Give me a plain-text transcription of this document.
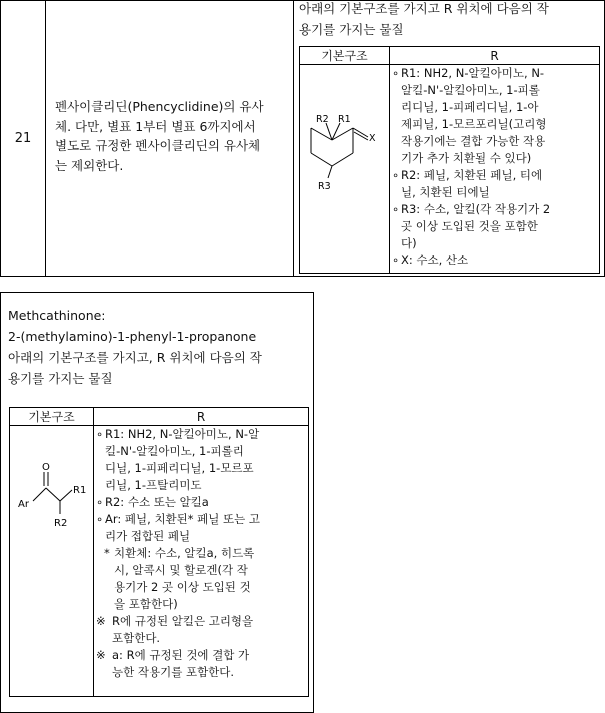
21
펜사이클리딘(Phencyclidine)의 유사
체. 다만, 별표 1부터 별표 6까지에서
별도로 규정한 펜사이클리딘의 유사체
는 제외한다.
아래의 기본구조를 가지고 R 위치에 다음의 작
용기를 가지는 물질
기본구조	R
R2 R1
X
R3
∘ R1: NH2, N-알킬아미노, N-
알킬-N'-알킬아미노, 1-피롤
리디닐, 1-피페리디닐, 1-아
제피닐, 1-모르포리닐(고리형
작용기에는 결합 가능한 작용
기가 추가 치환될 수 있다)
∘ R2: 페닐, 치환된 페닐, 티에
닐, 치환된 티에닐
∘ R3: 수소, 알킬(각 작용기가 2
곳 이상 도입된 것을 포함한
다)
∘ X: 수소, 산소
Methcathinone:
2-(methylamino)-1-phenyl-1-propanone
아래의 기본구조를 가지고, R 위치에 다음의 작
용기를 가지는 물질
기본구조	R
O
Ar
R1
R2
∘ R1: NH2, N-알킬아미노, N-알
킬-N'-알킬아미노, 1-피롤리
디닐, 1-피페리디닐, 1-모르포
리닐, 1-프탈리미도
∘ R2: 수소 또는 알킬a
∘ Ar: 페닐, 치환된* 페닐 또는 고
리가 접합된 페닐
* 치환체: 수소, 알킬a, 히드록
시, 알콕시 및 할로겐(각 작
용기가 2 곳 이상 도입된 것
을 포함한다)
※ R에 규정된 알킬은 고리형을
포함한다.
※ a: R에 규정된 것에 결합 가
능한 작용기를 포함한다.
